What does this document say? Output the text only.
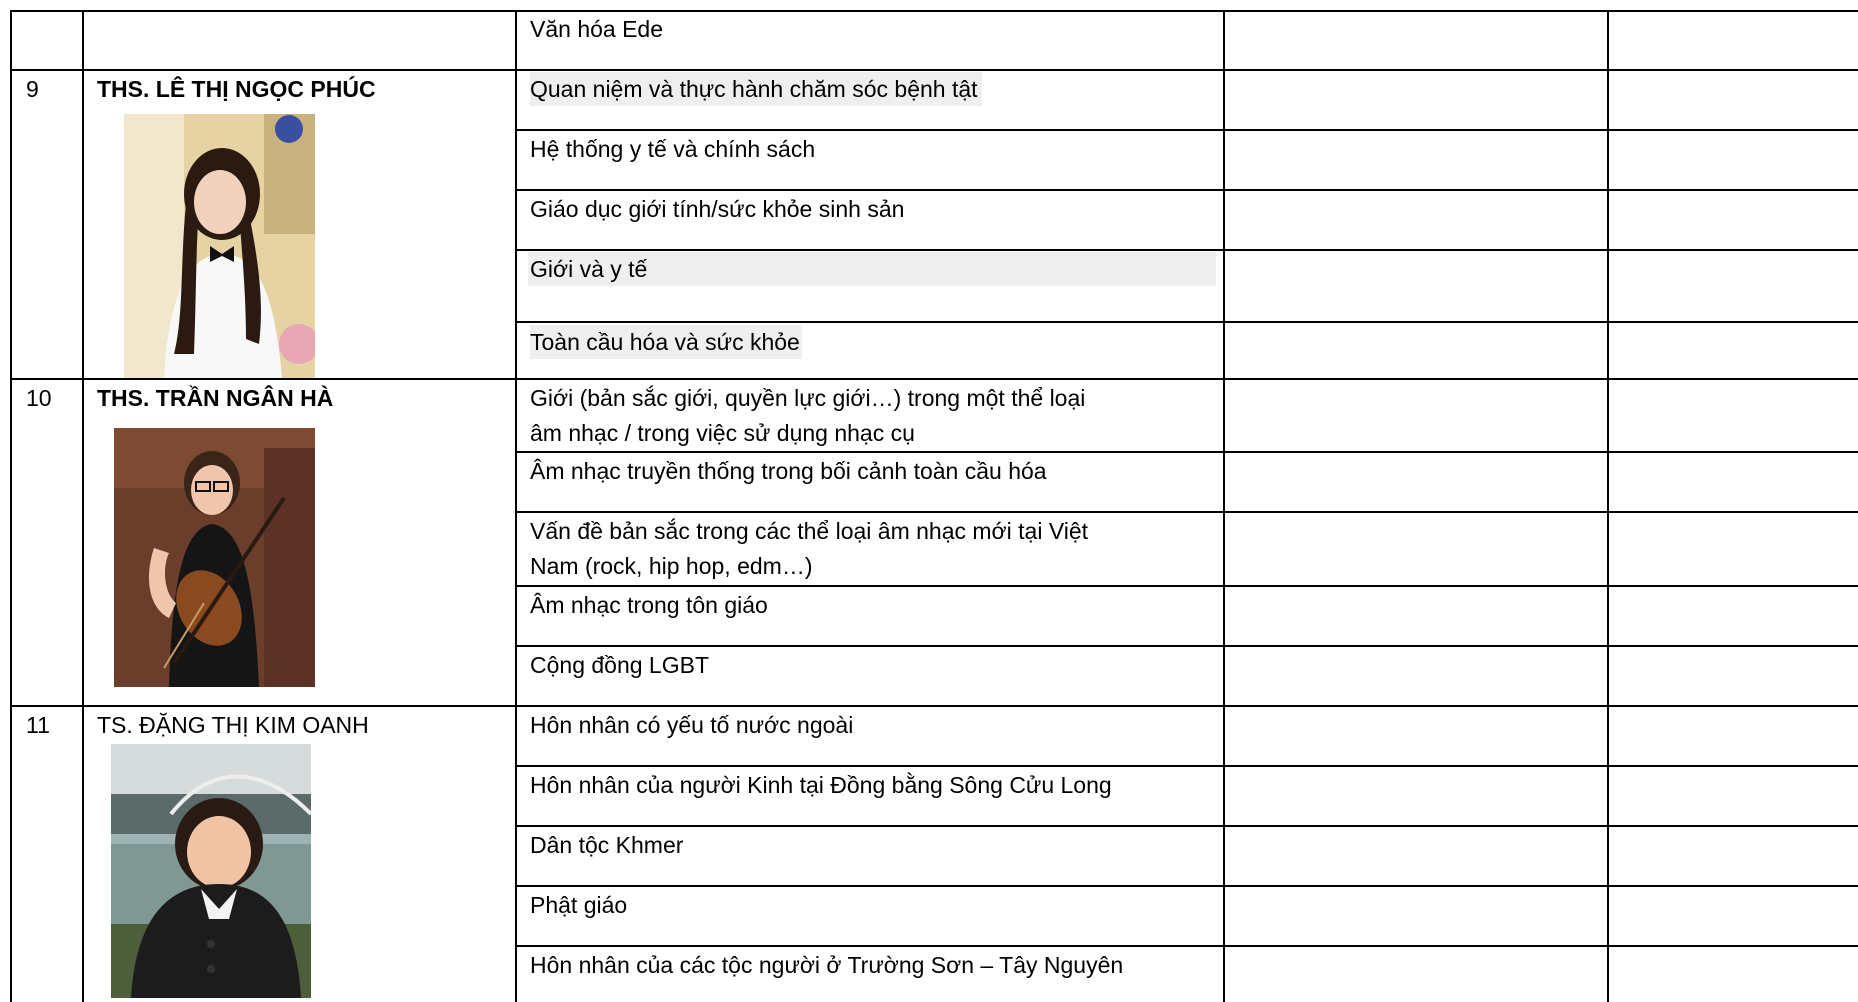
Văn hóa Ede
9	THS. LÊ THỊ NGỌC PHÚC	Quan niệm và thực hành chăm sóc bệnh tật
Hệ thống y tế và chính sách
Giáo dục giới tính/sức khỏe sinh sản
Giới và y tế
Toàn cầu hóa và sức khỏe
10 THS. TRẦN NGÂN HÀ	Giới (bản sắc giới, quyền lực giới…) trong một thể loại
âm nhạc / trong việc sử dụng nhạc cụ
Âm nhạc truyền thống trong bối cảnh toàn cầu hóa
Vấn đề bản sắc trong các thể loại âm nhạc mới tại Việt
Nam (rock, hip hop, edm…)
Âm nhạc trong tôn giáo
Cộng đồng LGBT
11 TS. ĐẶNG THỊ KIM OANH	Hôn nhân có yếu tố nước ngoài
Hôn nhân của người Kinh tại Đồng bằng Sông Cửu Long
Dân tộc Khmer
Phật giáo
Hôn nhân của các tộc người ở Trường Sơn – Tây Nguyên
